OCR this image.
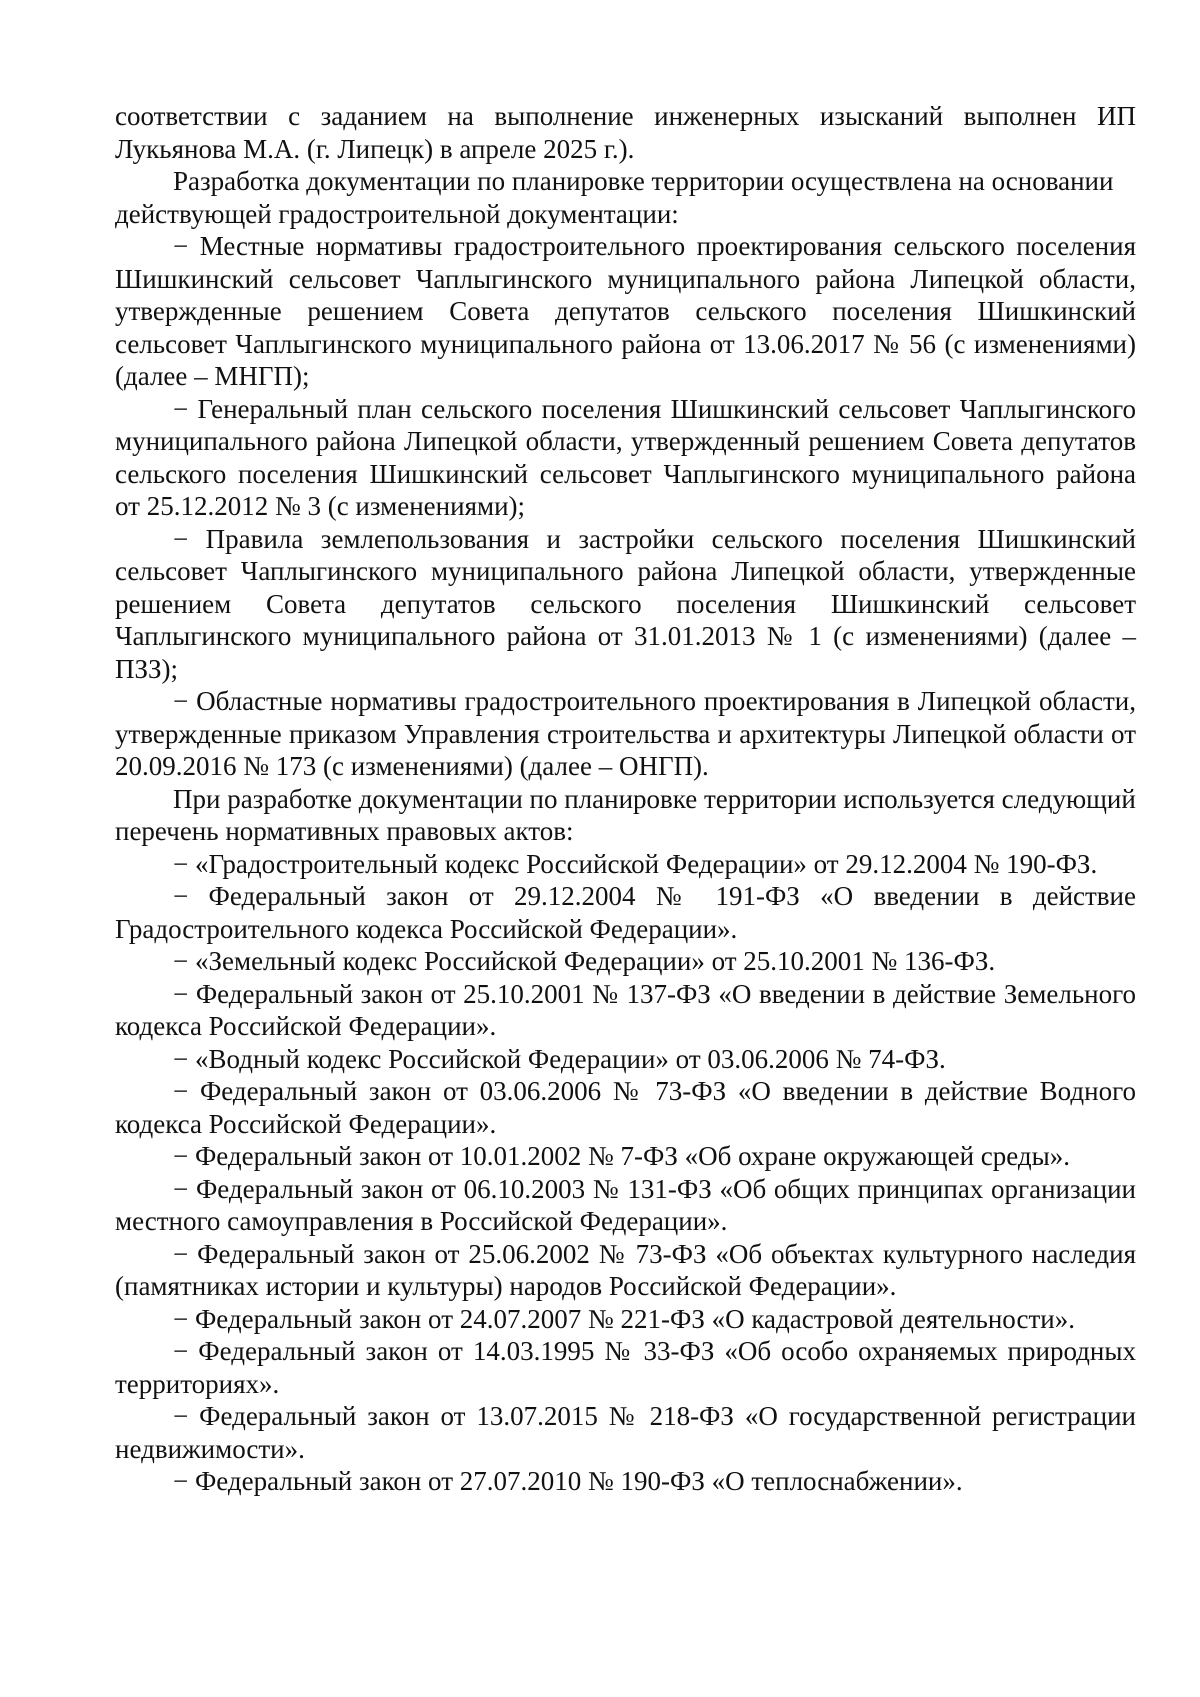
соответствии с заданием на выполнение инженерных изысканий выполнен ИП Лукьянова М.А. (г. Липецк) в апреле 2025 г.).

Разработка документации по планировке территории осуществлена на основании действующей градостроительной документации:

− Местные нормативы градостроительного проектирования сельского поселения Шишкинский сельсовет Чаплыгинского муниципального района Липецкой области, утвержденные решением Совета депутатов сельского поселения Шишкинский сельсовет Чаплыгинского муниципального района от 13.06.2017 № 56 (с изменениями) (далее – МНГП);

− Генеральный план сельского поселения Шишкинский сельсовет Чаплыгинского муниципального района Липецкой области, утвержденный решением Совета депутатов сельского поселения Шишкинский сельсовет Чаплыгинского муниципального района от 25.12.2012 № 3 (с изменениями);

− Правила землепользования и застройки сельского поселения Шишкинский сельсовет Чаплыгинского муниципального района Липецкой области, утвержденные решением Совета депутатов сельского поселения Шишкинский сельсовет Чаплыгинского муниципального района от 31.01.2013 № 1 (с изменениями) (далее – ПЗЗ);

− Областные нормативы градостроительного проектирования в Липецкой области, утвержденные приказом Управления строительства и архитектуры Липецкой области от 20.09.2016 № 173 (с изменениями) (далее – ОНГП).

При разработке документации по планировке территории используется следующий перечень нормативных правовых актов:

− «Градостроительный кодекс Российской Федерации» от 29.12.2004 № 190-ФЗ.

− Федеральный закон от 29.12.2004 № 191-ФЗ «О введении в действие Градостроительного кодекса Российской Федерации».

− «Земельный кодекс Российской Федерации» от 25.10.2001 № 136-ФЗ.

− Федеральный закон от 25.10.2001 № 137-ФЗ «О введении в действие Земельного кодекса Российской Федерации».

− «Водный кодекс Российской Федерации» от 03.06.2006 № 74-ФЗ.

− Федеральный закон от 03.06.2006 № 73-ФЗ «О введении в действие Водного кодекса Российской Федерации».

− Федеральный закон от 10.01.2002 № 7-ФЗ «Об охране окружающей среды».

− Федеральный закон от 06.10.2003 № 131-ФЗ «Об общих принципах организации местного самоуправления в Российской Федерации».

− Федеральный закон от 25.06.2002 № 73-ФЗ «Об объектах культурного наследия (памятниках истории и культуры) народов Российской Федерации».

− Федеральный закон от 24.07.2007 № 221-ФЗ «О кадастровой деятельности».

− Федеральный закон от 14.03.1995 № 33-ФЗ «Об особо охраняемых природных территориях».

− Федеральный закон от 13.07.2015 № 218-ФЗ «О государственной регистрации недвижимости».

− Федеральный закон от 27.07.2010 № 190-ФЗ «О теплоснабжении».
